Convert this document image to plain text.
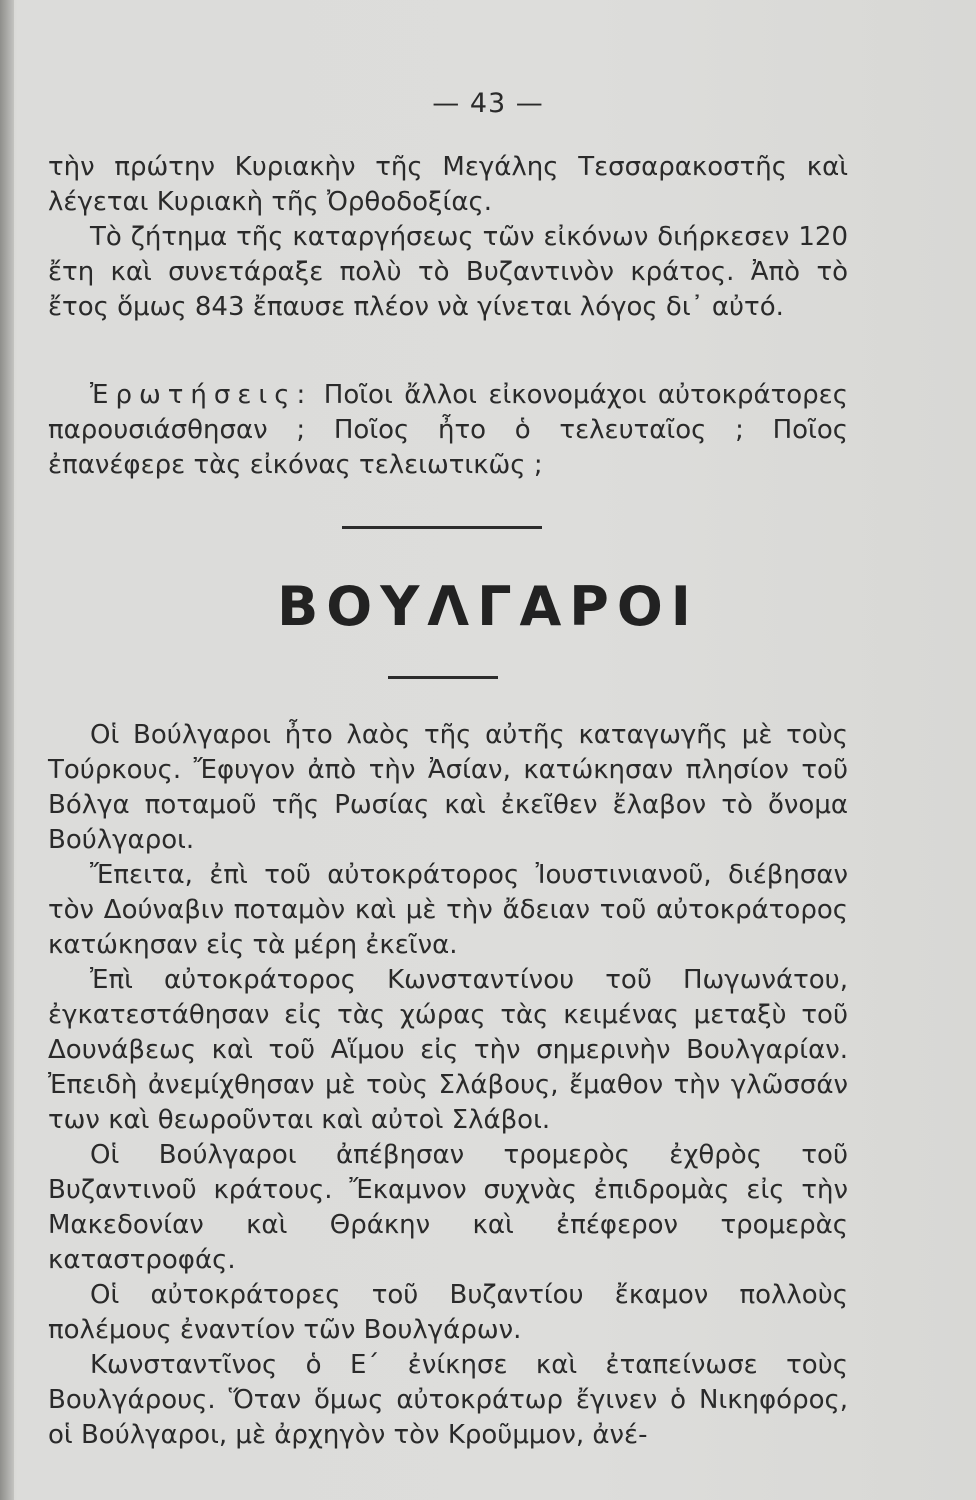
— 43 —

τὴν πρώτην Κυριακὴν τῆς Μεγάλης Τεσσαρακοστῆς καὶ λέγεται Κυριακὴ τῆς Ὀρθοδοξίας.

Τὸ ζήτημα τῆς καταργήσεως τῶν εἰκόνων διήρκεσεν 120 ἔτη καὶ συνετάραξε πολὺ τὸ Βυζαντινὸν κράτος. Ἀπὸ τὸ ἔτος ὅμως 843 ἔπαυσε πλέον νὰ γίνεται λόγος δι᾿ αὐτό.

Ἐρωτήσεις: Ποῖοι ἄλλοι εἰκονομάχοι αὐτοκράτορες παρουσιάσθησαν ; Ποῖος ἦτο ὁ τελευταῖος ; Ποῖος ἐπανέφερε τὰς εἰκόνας τελειωτικῶς ;

ΒΟΥΛΓΑΡΟΙ

Οἱ Βούλγαροι ἦτο λαὸς τῆς αὐτῆς καταγωγῆς μὲ τοὺς Τούρκους. Ἔφυγον ἀπὸ τὴν Ἀσίαν, κατώκησαν πλησίον τοῦ Βόλγα ποταμοῦ τῆς Ρωσίας καὶ ἐκεῖθεν ἔλαβον τὸ ὄνομα Βούλγαροι.

Ἔπειτα, ἐπὶ τοῦ αὐτοκράτορος Ἰουστινιανοῦ, διέβησαν τὸν Δούναβιν ποταμὸν καὶ μὲ τὴν ἄδειαν τοῦ αὐτοκράτορος κατώκησαν εἰς τὰ μέρη ἐκεῖνα.

Ἐπὶ αὐτοκράτορος Κωνσταντίνου τοῦ Πωγωνάτου, ἐγκατεστάθησαν εἰς τὰς χώρας τὰς κειμένας μεταξὺ τοῦ Δουνάβεως καὶ τοῦ Αἵμου εἰς τὴν σημερινὴν Βουλγαρίαν. Ἐπειδὴ ἀνεμίχθησαν μὲ τοὺς Σλάβους, ἔμαθον τὴν γλῶσσάν των καὶ θεωροῦνται καὶ αὐτοὶ Σλάβοι.

Οἱ Βούλγαροι ἀπέβησαν τρομερὸς ἐχθρὸς τοῦ Βυζαντινοῦ κράτους. Ἔκαμνον συχνὰς ἐπιδρομὰς εἰς τὴν Μακεδονίαν καὶ Θράκην καὶ ἐπέφερον τρομερὰς καταστροφάς.

Οἱ αὐτοκράτορες τοῦ Βυζαντίου ἔκαμον πολλοὺς πολέμους ἐναντίον τῶν Βουλγάρων.

Κωνσταντῖνος ὁ Ε΄ ἐνίκησε καὶ ἐταπείνωσε τοὺς Βουλγάρους. Ὅταν ὅμως αὐτοκράτωρ ἔγινεν ὁ Νικηφόρος, οἱ Βούλγαροι, μὲ ἀρχηγὸν τὸν Κροῦμμον, ἀνέ-
